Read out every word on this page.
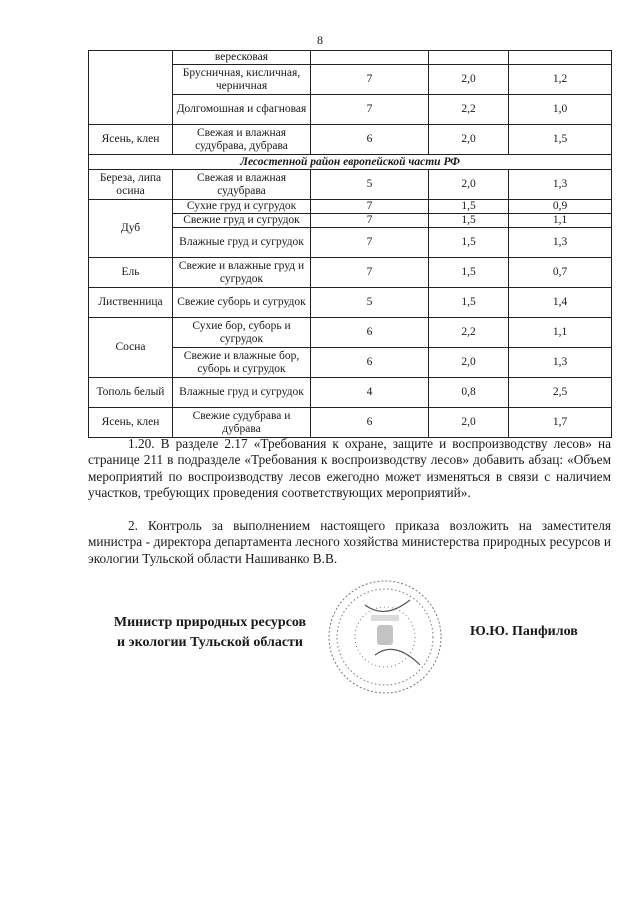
8
	вересковая			
	Брусничная, кисличная, черничная	7	2,0	1,2
	Долгомошная и сфагновая	7	2,2	1,0
Ясень, клен	Свежая и влажная судубрава, дубрава	6	2,0	1,5
Лесостепной район европейской части РФ				
Береза, липа осина	Свежая и влажная судубрава	5	2,0	1,3
Дуб	Сухие груд и сугрудок	7	1,5	0,9
	Свежие груд и сугрудок	7	1,5	1,1
	Влажные груд и сугрудок	7	1,5	1,3
Ель	Свежие и влажные груд и сугрудок	7	1,5	0,7
Лиственница	Свежие суборь и сугрудок	5	1,5	1,4
Сосна	Сухие бор, суборь и сугрудок	6	2,2	1,1
	Свежие и влажные бор, суборь и сугрудок	6	2,0	1,3
Тополь белый	Влажные груд и сугрудок	4	0,8	2,5
Ясень, клен	Свежие судубрава и дубрава	6	2,0	1,7

1.20. В разделе 2.17 «Требования к охране, защите и воспроизводству лесов» на странице 211 в подразделе «Требования к воспроизводству лесов» добавить абзац: «Объем мероприятий по воспроизводству лесов ежегодно может изменяться в связи с наличием участков, требующих проведения соответствующих мероприятий».

2. Контроль за выполнением настоящего приказа возложить на заместителя министра - директора департамента лесного хозяйства министерства природных ресурсов и экологии Тульской области Нашиванко В.В.

Министр природных ресурсов
и экологии Тульской области
Ю.Ю. Панфилов
